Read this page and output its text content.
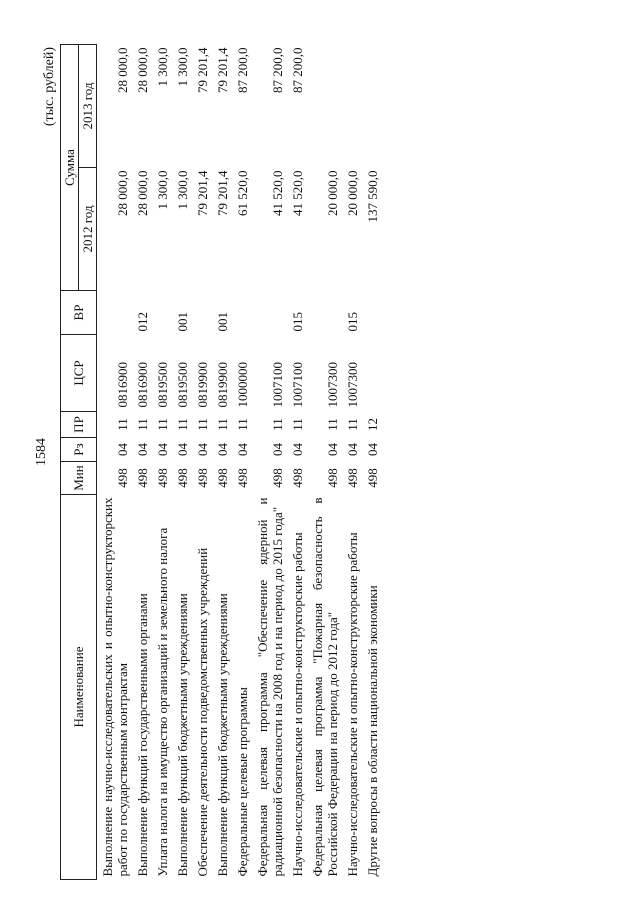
1584
(тыс. рублей)
Наименование	Мин	Рз	ПР	ЦСР	ВР	Сумма	
						2012 год	2013 год
Выполнение научно-исследовательских и опытно-конструкторских работ по государственным контрактам	498	04	11	0816900		28 000,0	28 000,0
Выполнение функций государственными органами	498	04	11	0816900	012	28 000,0	28 000,0
Уплата налога на имущество организаций и земельного налога	498	04	11	0819500		1 300,0	1 300,0
Выполнение функций бюджетными учреждениями	498	04	11	0819500	001	1 300,0	1 300,0
Обеспечение деятельности подведомственных учреждений	498	04	11	0819900		79 201,4	79 201,4
Выполнение функций бюджетными учреждениями	498	04	11	0819900	001	79 201,4	79 201,4
Федеральные целевые программы	498	04	11	1000000		61 520,0	87 200,0
Федеральная целевая программа "Обеспечение ядерной и радиационной безопасности на 2008 год и на период до 2015 года"	498	04	11	1007100		41 520,0	87 200,0
Научно-исследовательские и опытно-конструкторские работы	498	04	11	1007100	015	41 520,0	87 200,0
Федеральная целевая программа "Пожарная безопасность в Российской Федерации на период до 2012 года"	498	04	11	1007300		20 000,0	
Научно-исследовательские и опытно-конструкторские работы	498	04	11	1007300	015	20 000,0	
Другие вопросы в области национальной экономики	498	04	12			137 590,0	
